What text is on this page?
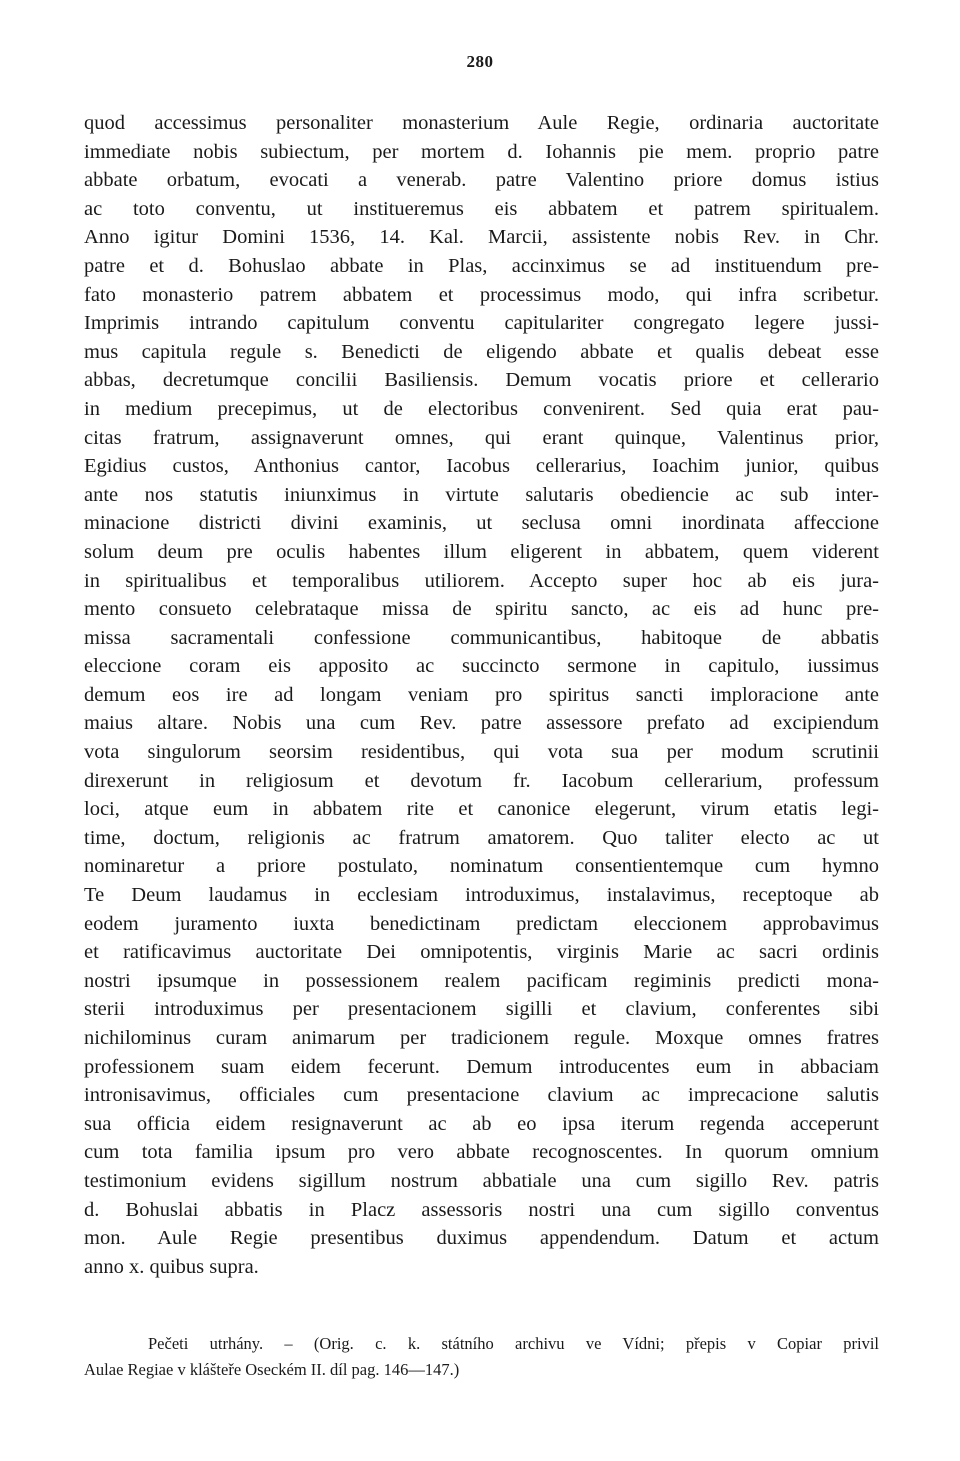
280
quod accessimus personaliter monasterium Aule Regie, ordinaria auctoritate
immediate nobis subiectum, per mortem d. Iohannis pie mem. proprio patre
abbate orbatum, evocati a venerab. patre Valentino priore domus istius
ac toto conventu, ut institueremus eis abbatem et patrem spiritualem.
Anno igitur Domini 1536, 14. Kal. Marcii, assistente nobis Rev. in Chr.
patre et d. Bohuslao abbate in Plas, accinximus se ad instituendum pre-
fato monasterio patrem abbatem et processimus modo, qui infra scribetur.
Imprimis intrando capitulum conventu capitulariter congregato legere jussi-
mus capitula regule s. Benedicti de eligendo abbate et qualis debeat esse
abbas, decretumque concilii Basiliensis. Demum vocatis priore et cellerario
in medium precepimus, ut de electoribus convenirent. Sed quia erat pau-
citas fratrum, assignaverunt omnes, qui erant quinque, Valentinus prior,
Egidius custos, Anthonius cantor, Iacobus cellerarius, Ioachim junior, quibus
ante nos statutis iniunximus in virtute salutaris obediencie ac sub inter-
minacione districti divini examinis, ut seclusa omni inordinata affeccione
solum deum pre oculis habentes illum eligerent in abbatem, quem viderent
in spiritualibus et temporalibus utiliorem. Accepto super hoc ab eis jura-
mento consueto celebrataque missa de spiritu sancto, ac eis ad hunc pre-
missa sacramentali confessione communicantibus, habitoque de abbatis
eleccione coram eis apposito ac succincto sermone in capitulo, iussimus
demum eos ire ad longam veniam pro spiritus sancti imploracione ante
maius altare. Nobis una cum Rev. patre assessore prefato ad excipiendum
vota singulorum seorsim residentibus, qui vota sua per modum scrutinii
direxerunt in religiosum et devotum fr. Iacobum cellerarium, professum
loci, atque eum in abbatem rite et canonice elegerunt, virum etatis legi-
time, doctum, religionis ac fratrum amatorem. Quo taliter electo ac ut
nominaretur a priore postulato, nominatum consentientemque cum hymno
Te Deum laudamus in ecclesiam introduximus, instalavimus, receptoque ab
eodem juramento iuxta benedictinam predictam eleccionem approbavimus
et ratificavimus auctoritate Dei omnipotentis, virginis Marie ac sacri ordinis
nostri ipsumque in possessionem realem pacificam regiminis predicti mona-
sterii introduximus per presentacionem sigilli et clavium, conferentes sibi
nichilominus curam animarum per tradicionem regule. Moxque omnes fratres
professionem suam eidem fecerunt. Demum introducentes eum in abbaciam
intronisavimus, officiales cum presentacione clavium ac imprecacione salutis
sua officia eidem resignaverunt ac ab eo ipsa iterum regenda acceperunt
cum tota familia ipsum pro vero abbate recognoscentes. In quorum omnium
testimonium evidens sigillum nostrum abbatiale una cum sigillo Rev. patris
d. Bohuslai abbatis in Placz assessoris nostri una cum sigillo conventus
mon. Aule Regie presentibus duximus appendendum. Datum et actum
anno x. quibus supra.
Pečeti utrhány. – (Orig. c. k. státního archivu ve Vídni; přepis v Copiar privil
Aulae Regiae v klášteře Oseckém II. díl pag. 146—147.)
